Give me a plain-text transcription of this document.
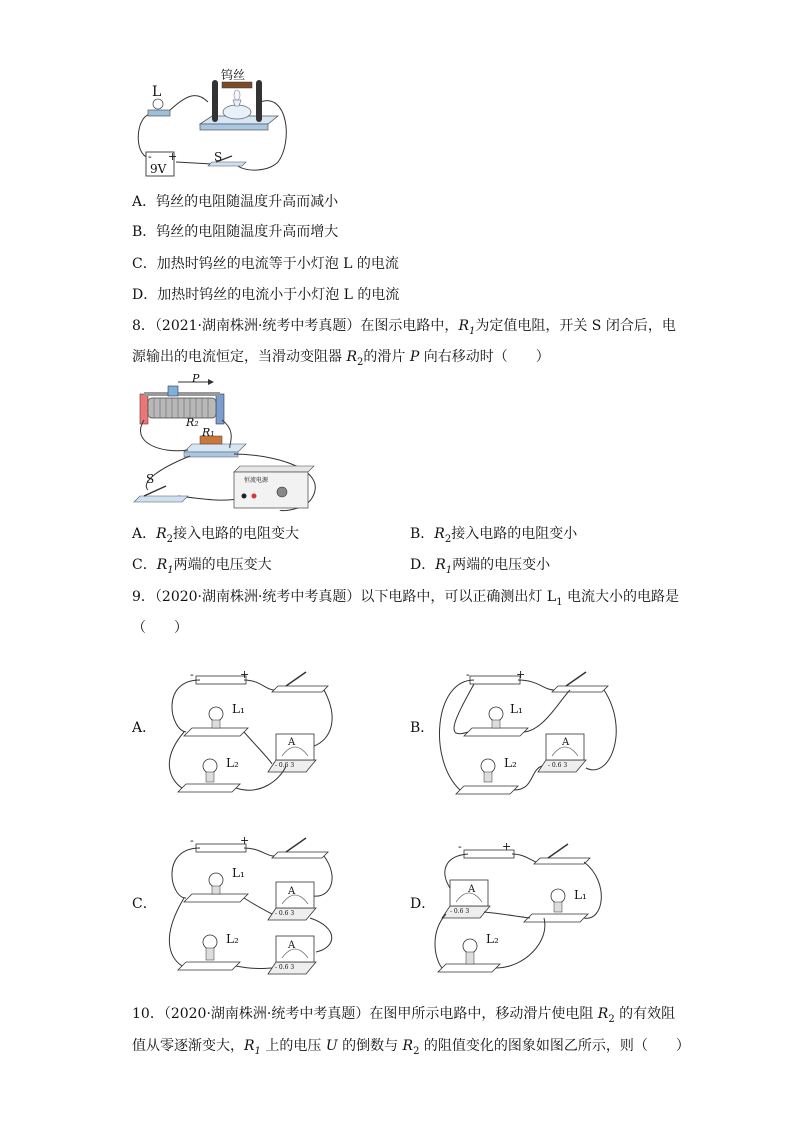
L
钨丝
- +
9V
S
A．钨丝的电阻随温度升高而减小
B．钨丝的电阻随温度升高而增大
C．加热时钨丝的电流等于小灯泡 L 的电流
D．加热时钨丝的电流小于小灯泡 L 的电流
8．（2021·湖南株洲·统考中考真题）在图示电路中，$R_1$为定值电阻，开关 S 闭合后，电
源输出的电流恒定，当滑动变阻器 $R_2$的滑片 P 向右移动时（　　）
P
R₂
R₁
S	恒流电源
A．$R_2$接入电路的电阻变大	B．$R_2$接入电路的电阻变小
C．$R_1$两端的电压变大	D．$R_1$两端的电压变小
9．（2020·湖南株洲·统考中考真题）以下电路中，可以正确测出灯 $L_1$ 电流大小的电路是
（　　）
A．
-	+
L₁
L₂
A
- 0.6 3
B．
-	+
L₁
L₂
A
- 0.6 3
C．
-	+
L₁
L₂
A
- 0.6 3
A
- 0.6 3
D．
-	+
L₁
L₂
A
- 0.6 3
10．（2020·湖南株洲·统考中考真题）在图甲所示电路中，移动滑片使电阻 $R_2$ 的有效阻
值从零逐渐变大，$R_1$ 上的电压 U 的倒数与 $R_2$ 的阻值变化的图象如图乙所示，则（　　）
